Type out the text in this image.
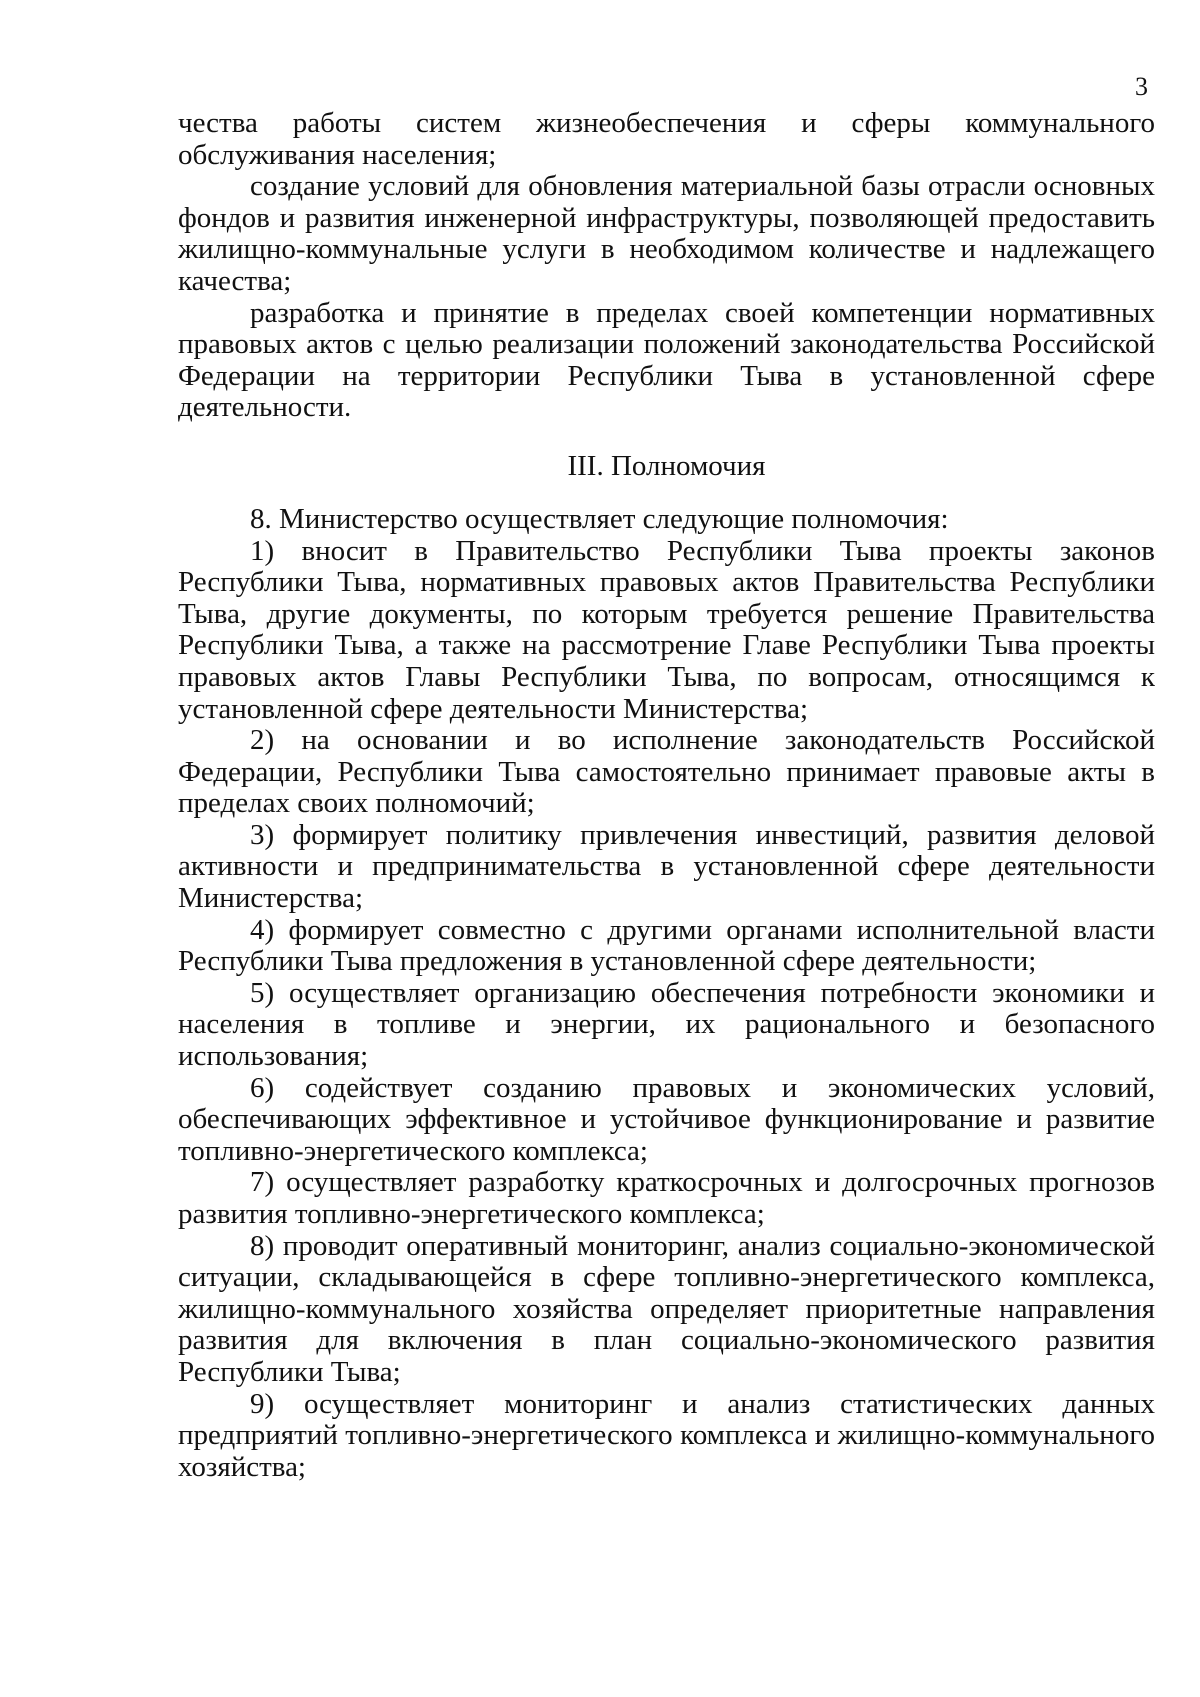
3

чества работы систем жизнеобеспечения и сферы коммунального обслуживания населения;

создание условий для обновления материальной базы отрасли основных фондов и развития инженерной инфраструктуры, позволяющей предоставить жилищно-коммунальные услуги в необходимом количестве и надлежащего качества;

разработка и принятие в пределах своей компетенции нормативных правовых актов с целью реализации положений законодательства Российской Федерации на территории Республики Тыва в установленной сфере деятельности.

III. Полномочия

8. Министерство осуществляет следующие полномочия:

1) вносит в Правительство Республики Тыва проекты законов Республики Тыва, нормативных правовых актов Правительства Республики Тыва, другие документы, по которым требуется решение Правительства Республики Тыва, а также на рассмотрение Главе Республики Тыва проекты правовых актов Главы Республики Тыва, по вопросам, относящимся к установленной сфере деятельности Министерства;

2) на основании и во исполнение законодательств Российской Федерации, Республики Тыва самостоятельно принимает правовые акты в пределах своих полномочий;

3) формирует политику привлечения инвестиций, развития деловой активности и предпринимательства в установленной сфере деятельности Министерства;

4) формирует совместно с другими органами исполнительной власти Республики Тыва предложения в установленной сфере деятельности;

5) осуществляет организацию обеспечения потребности экономики и населения в топливе и энергии, их рационального и безопасного использования;

6) содействует созданию правовых и экономических условий, обеспечивающих эффективное и устойчивое функционирование и развитие топливно-энергетического комплекса;

7) осуществляет разработку краткосрочных и долгосрочных прогнозов развития топливно-энергетического комплекса;

8) проводит оперативный мониторинг, анализ социально-экономической ситуации, складывающейся в сфере топливно-энергетического комплекса, жилищно-коммунального хозяйства определяет приоритетные направления развития для включения в план социально-экономического развития Республики Тыва;

9) осуществляет мониторинг и анализ статистических данных предприятий топливно-энергетического комплекса и жилищно-коммунального хозяйства;
